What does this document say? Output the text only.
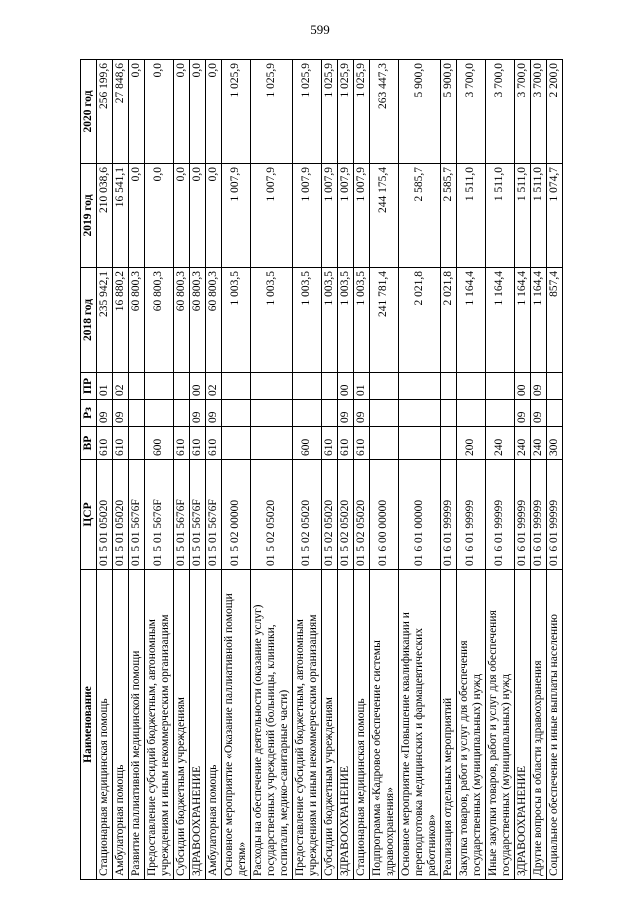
599
Наименование	ЦСР	ВР	Рз	ПР	2018 год	2019 год	2020 год
Стационарная медицинская помощь	01 5 01 05020	610	09	01	235 942,1	210 038,6	256 199,6
Амбулаторная помощь	01 5 01 05020	610	09	02	16 880,2	16 541,1	27 848,6
Развитие паллиативной медицинской помощи	01 5 01 5676F				60 800,3	0,0	0,0
Предоставление субсидий бюджетным, автономным учреждениям и иным некоммерческим организациям	01 5 01 5676F	600			60 800,3	0,0	0,0
Субсидии бюджетным учреждениям	01 5 01 5676F	610			60 800,3	0,0	0,0
ЗДРАВООХРАНЕНИЕ	01 5 01 5676F	610	09	00	60 800,3	0,0	0,0
Амбулаторная помощь	01 5 01 5676F	610	09	02	60 800,3	0,0	0,0
Основное мероприятие «Оказание паллиативной помощи детям»	01 5 02 00000				1 003,5	1 007,9	1 025,9
Расходы на обеспечение деятельности (оказание услуг) государственных учреждений (больницы, клиники, госпитали, медико-санитарные части)	01 5 02 05020				1 003,5	1 007,9	1 025,9
Предоставление субсидий бюджетным, автономным учреждениям и иным некоммерческим организациям	01 5 02 05020	600			1 003,5	1 007,9	1 025,9
Субсидии бюджетным учреждениям	01 5 02 05020	610			1 003,5	1 007,9	1 025,9
ЗДРАВООХРАНЕНИЕ	01 5 02 05020	610	09	00	1 003,5	1 007,9	1 025,9
Стационарная медицинская помощь	01 5 02 05020	610	09	01	1 003,5	1 007,9	1 025,9
Подпрограмма «Кадровое обеспечение системы здравоохранения»	01 6 00 00000				241 781,4	244 175,4	263 447,3
Основное мероприятие «Повышение квалификации и переподготовка медицинских и фармацевтических работников»	01 6 01 00000				2 021,8	2 585,7	5 900,0
Реализация отдельных мероприятий	01 6 01 99999				2 021,8	2 585,7	5 900,0
Закупка товаров, работ и услуг для обеспечения государственных (муниципальных) нужд	01 6 01 99999	200			1 164,4	1 511,0	3 700,0
Иные закупки товаров, работ и услуг для обеспечения государственных (муниципальных) нужд	01 6 01 99999	240			1 164,4	1 511,0	3 700,0
ЗДРАВООХРАНЕНИЕ	01 6 01 99999	240	09	00	1 164,4	1 511,0	3 700,0
Другие вопросы в области здравоохранения	01 6 01 99999	240	09	09	1 164,4	1 511,0	3 700,0
Социальное обеспечение и иные выплаты населению	01 6 01 99999	300			857,4	1 074,7	2 200,0
